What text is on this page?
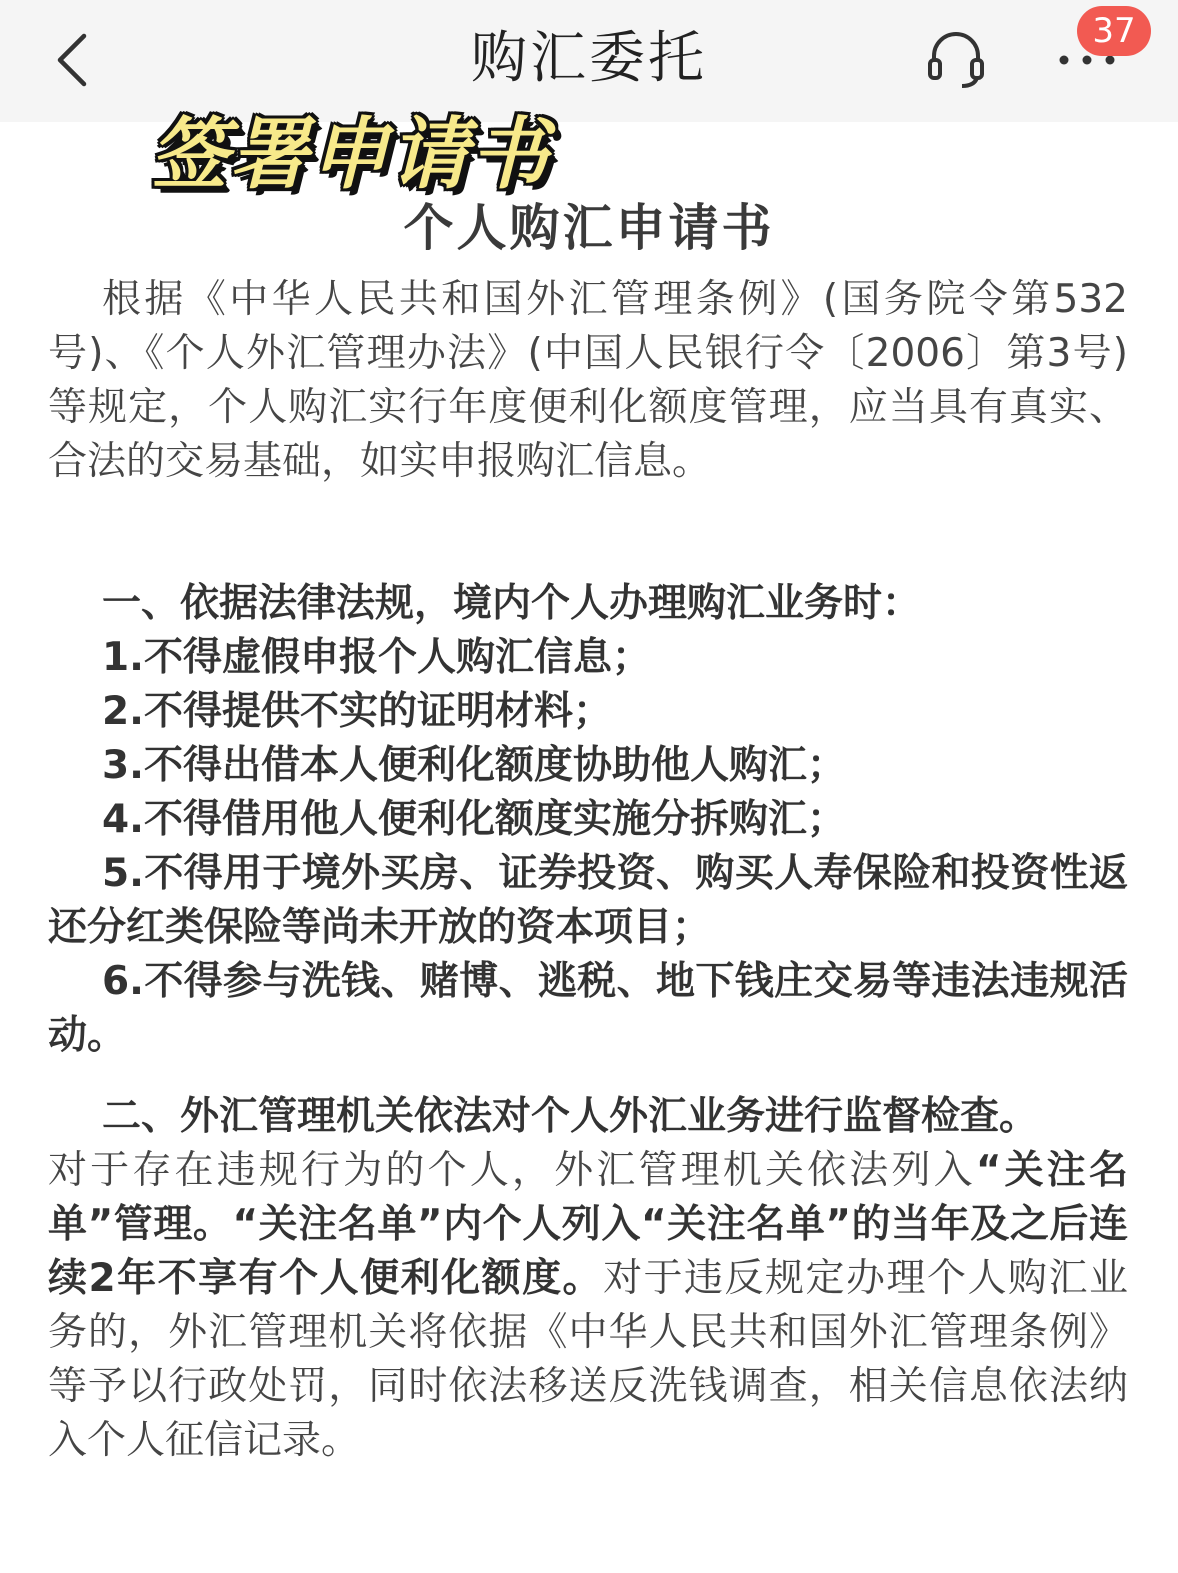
购汇委托	37
签署申请书
个人购汇申请书

根据《中华人民共和国外汇管理条例》(国务院令第532号)、《个人外汇管理办法》(中国人民银行令〔2006〕第3号)等规定，个人购汇实行年度便利化额度管理，应当具有真实、合法的交易基础，如实申报购汇信息。

一、依据法律法规，境内个人办理购汇业务时：

1.不得虚假申报个人购汇信息；

2.不得提供不实的证明材料；

3.不得出借本人便利化额度协助他人购汇；

4.不得借用他人便利化额度实施分拆购汇；

5.不得用于境外买房、证券投资、购买人寿保险和投资性返还分红类保险等尚未开放的资本项目；

6.不得参与洗钱、赌博、逃税、地下钱庄交易等违法违规活动。

二、外汇管理机关依法对个人外汇业务进行监督检查。

对于存在违规行为的个人，外汇管理机关依法列入“关注名单”管理。“关注名单”内个人列入“关注名单”的当年及之后连续2年不享有个人便利化额度。对于违反规定办理个人购汇业务的，外汇管理机关将依据《中华人民共和国外汇管理条例》等予以行政处罚，同时依法移送反洗钱调查，相关信息依法纳入个人征信记录。
